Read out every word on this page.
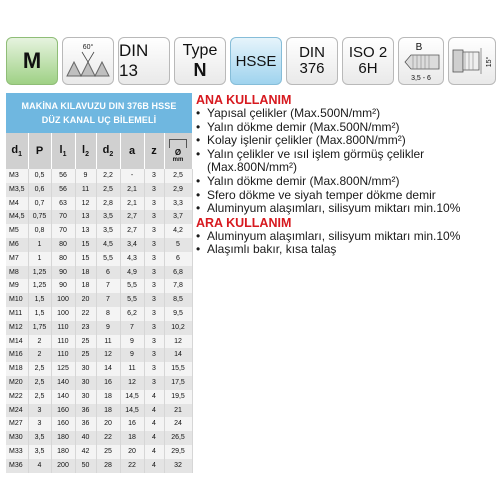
M
60° DIN 13
Type
N HSSE DIN
376
ISO 2
6H
B
3,5 - 6
15°
MAKİNA KILAVUZU DIN 376B HSSE
DÜZ KANAL UÇ BİLEMELİ
$d_1$	P	$l_1$	$l_2$	$d_2$	a	z	Ø
mm

M3	0,5	56	9	2,2	-	3	2,5
M3,5	0,6	56	11	2,5	2,1	3	2,9
M4	0,7	63	12	2,8	2,1	3	3,3
M4,5	0,75	70	13	3,5	2,7	3	3,7
M5	0,8	70	13	3,5	2,7	3	4,2
M6	1	80	15	4,5	3,4	3	5
M7	1	80	15	5,5	4,3	3	6
M8	1,25	90	18	6	4,9	3	6,8
M9	1,25	90	18	7	5,5	3	7,8
M10	1,5	100	20	7	5,5	3	8,5
M11	1,5	100	22	8	6,2	3	9,5
M12	1,75	110	23	9	7	3	10,2
M14	2	110	25	11	9	3	12
M16	2	110	25	12	9	3	14
M18	2,5	125	30	14	11	3	15,5
M20	2,5	140	30	16	12	3	17,5
M22	2,5	140	30	18	14,5	4	19,5
M24	3	160	36	18	14,5	4	21
M27	3	160	36	20	16	4	24
M30	3,5	180	40	22	18	4	26,5
M33	3,5	180	42	25	20	4	29,5
M36	4	200	50	28	22	4	32
ANA KULLANIM
• Yapısal çelikler (Max.500N/mm²)
• Yalın dökme demir (Max.500N/mm²)
• Kolay işlenir çelikler (Max.800N/mm²)
• Yalın çelikler ve ısıl işlem görmüş çelikler (Max.800N/mm²)
• Yalın dökme demir (Max.800N/mm²)
• Sfero dökme ve siyah temper dökme demir
• Aluminyum alaşımları, silisyum miktarı min.10%
ARA KULLANIM
• Aluminyum alaşımları, silisyum miktarı min.10%
• Alaşımlı bakır, kısa talaş
